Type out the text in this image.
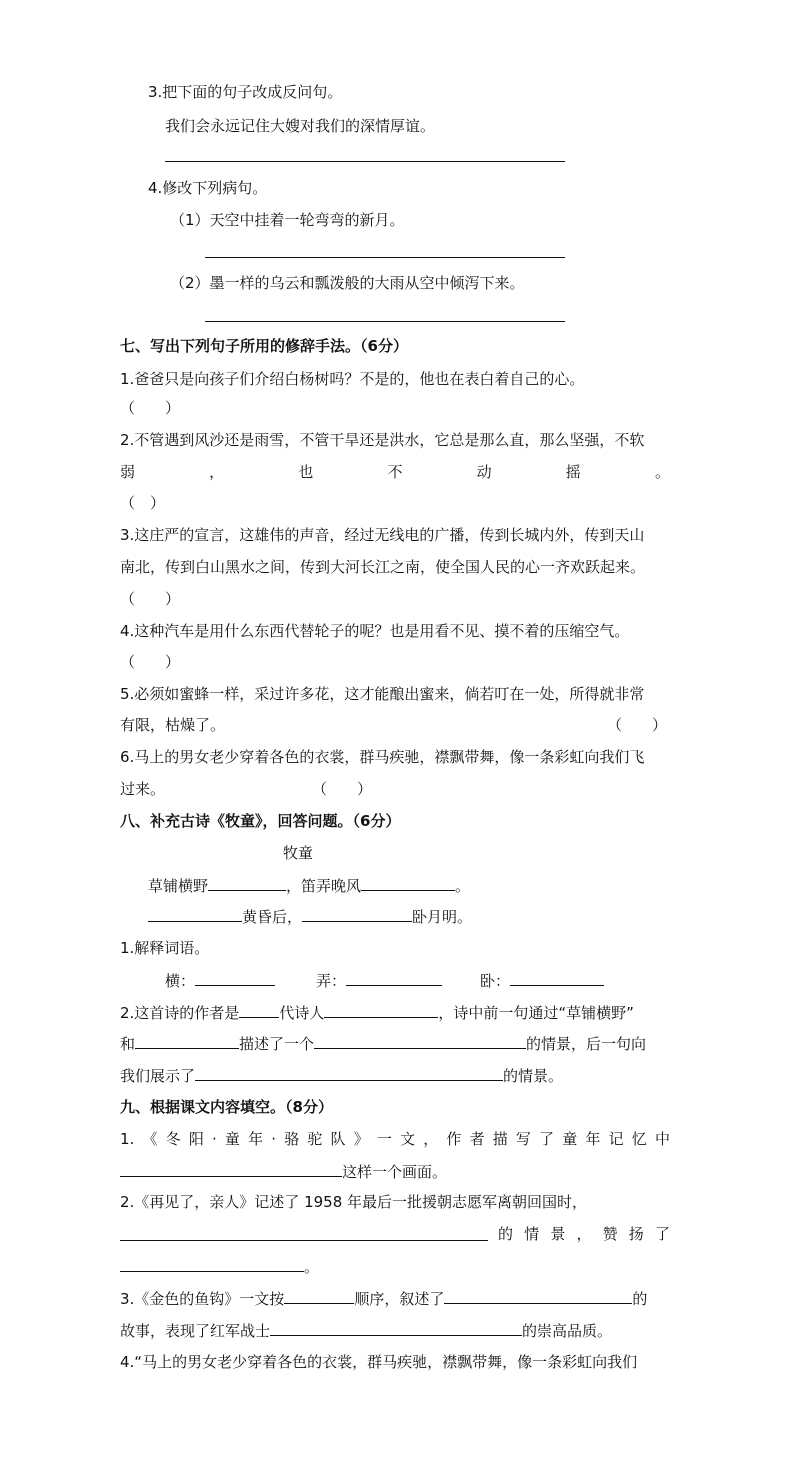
3.把下面的句子改成反问句。
我们会永远记住大嫂对我们的深情厚谊。
4.修改下列病句。
（1）天空中挂着一轮弯弯的新月。
（2）墨一样的乌云和瓢泼般的大雨从空中倾泻下来。
七、写出下列句子所用的修辞手法。（6分）
1.爸爸只是向孩子们介绍白杨树吗？不是的，他也在表白着自己的心。
（　　）
2.不管遇到风沙还是雨雪，不管干旱还是洪水，它总是那么直，那么坚强，不软
弱	，	也	不	动	摇	。
（　）
3.这庄严的宣言，这雄伟的声音，经过无线电的广播，传到长城内外，传到天山
南北，传到白山黑水之间，传到大河长江之南，使全国人民的心一齐欢跃起来。
（　　）
4.这种汽车是用什么东西代替轮子的呢？也是用看不见、摸不着的压缩空气。
（　　）
5.必须如蜜蜂一样，采过许多花，这才能酿出蜜来，倘若叮在一处，所得就非常
有限，枯燥了。	（　　）
6.马上的男女老少穿着各色的衣裳，群马疾驰，襟飘带舞，像一条彩虹向我们飞
过来。	（　　）
八、补充古诗《牧童》，回答问题。（6分）
牧童
草铺横野	，笛弄晚风	。
黄昏后，	卧月明。
1.解释词语。
横：	弄：	卧：
2.这首诗的作者是	代诗人	，诗中前一句通过“草铺横野”
和	描述了一个	的情景，后一句向
我们展示了	的情景。
九、根据课文内容填空。（8分）
1. 《 冬 阳 · 童 年 · 骆 驼 队 》 一 文 ， 作 者 描 写 了 童 年 记 忆 中
这样一个画面。
2.《再见了，亲人》记述了 1958 年最后一批援朝志愿军离朝回国时，
的 情 景 ， 赞 扬 了
。
3.《金色的鱼钩》一文按	顺序，叙述了	的
故事，表现了红军战士	的崇高品质。
4.“马上的男女老少穿着各色的衣裳，群马疾驰，襟飘带舞，像一条彩虹向我们
